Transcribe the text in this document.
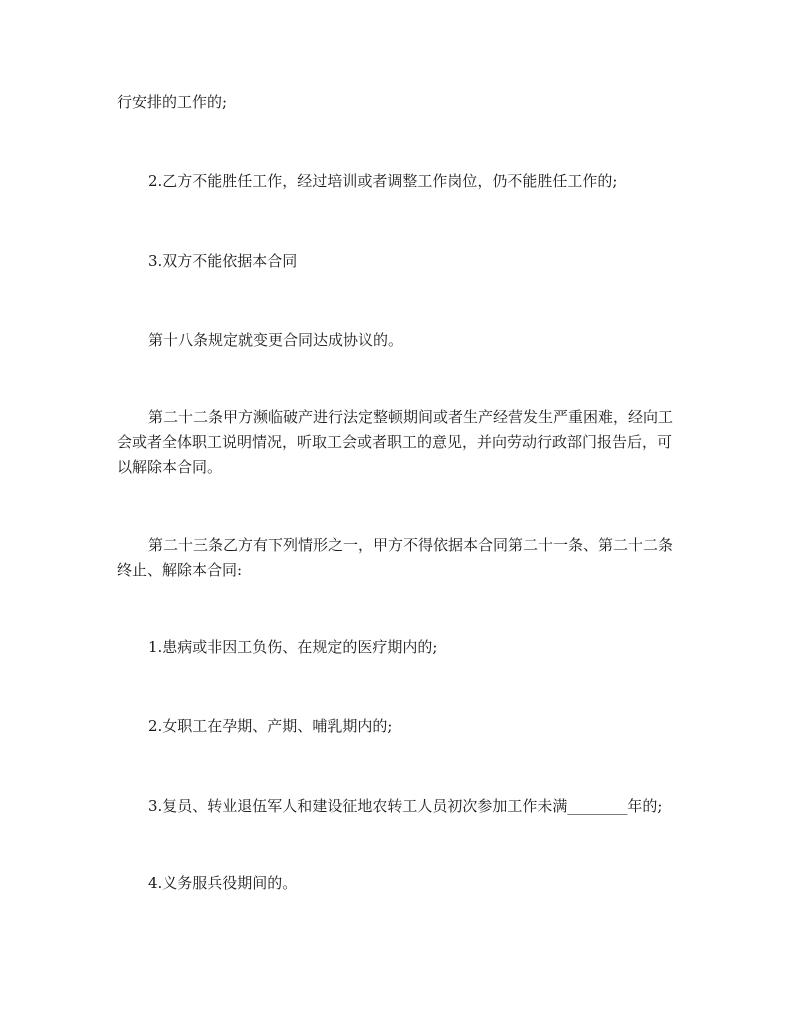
行安排的工作的;

2.乙方不能胜任工作，经过培训或者调整工作岗位，仍不能胜任工作的;

3.双方不能依据本合同

第十八条规定就变更合同达成协议的。

第二十二条甲方濒临破产进行法定整顿期间或者生产经营发生严重困难，经向工会或者全体职工说明情况，听取工会或者职工的意见，并向劳动行政部门报告后，可以解除本合同。

第二十三条乙方有下列情形之一，甲方不得依据本合同第二十一条、第二十二条终止、解除本合同:

1.患病或非因工负伤、在规定的医疗期内的;

2.女职工在孕期、产期、哺乳期内的;

3.复员、转业退伍军人和建设征地农转工人员初次参加工作未满________年的;

4.义务服兵役期间的。
